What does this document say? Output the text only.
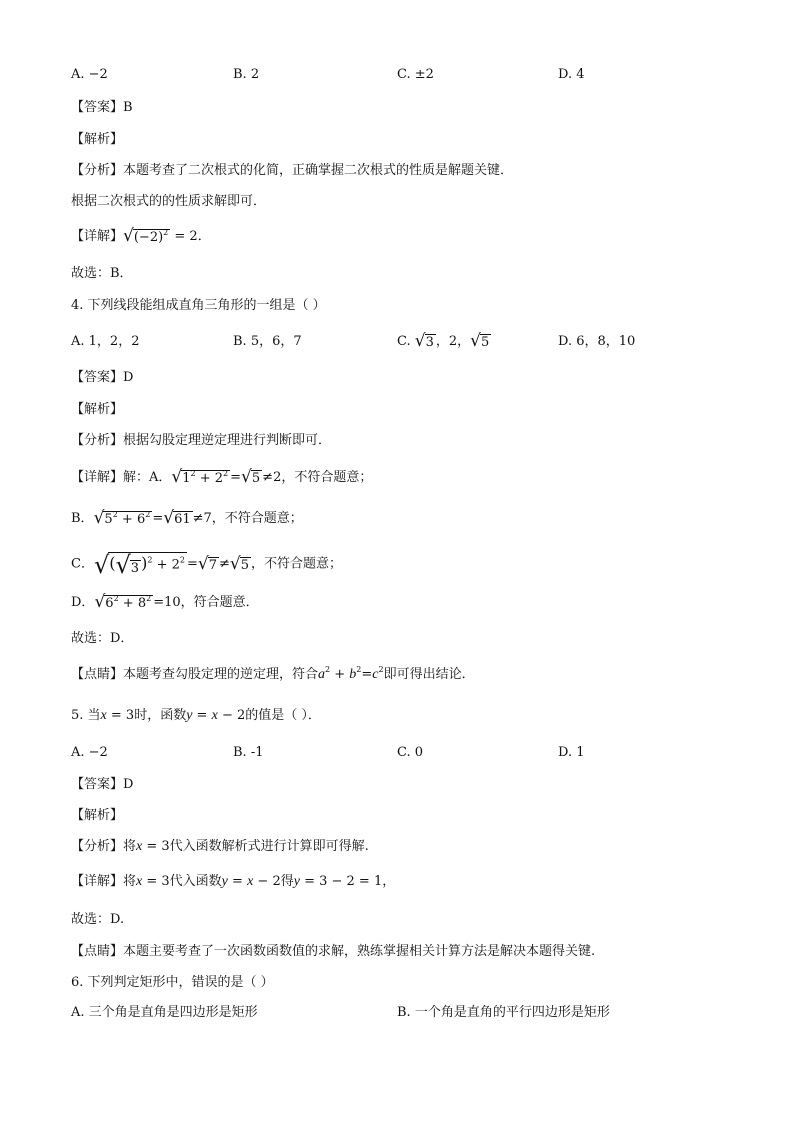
A. −2	B. 2	C. ±2	D. 4
【答案】B
【解析】
【分析】本题考查了二次根式的化简，正确掌握二次根式的性质是解题关键．
根据二次根式的的性质求解即可．
【详解】 √ $(-2)^2 = 2$．
故选：B．
4. 下列线段能组成直角三角形的一组是（ ）
A. 1，2，2	B. 5，6，7	C. √ 3 ，2， √ 5	D. 6，8，10
【答案】D
【解析】
【分析】根据勾股定理逆定理进行判断即可．
【详解】解：A． √ $1^2 + 2^2$ = √ 5 ≠2，不符合题意；
B． √ $5^2 + 6^2$ = √ 61 ≠7，不符合题意；
C． √ ( √ 3 )$^2 + 2^2$ = √ 7 ≠ √ 5 ，不符合题意；
D． √ $6^2 + 8^2 =10$，符合题意．
故选：D．
【点睛】本题考查勾股定理的逆定理，符合$a^2 + b^2=c^2$即可得出结论．
5. 当x = 3时，函数y = x − 2的值是（ ）．
A. −2	B. -1	C. 0	D. 1
【答案】D
【解析】
【分析】将x = 3代入函数解析式进行计算即可得解.
【详解】将x = 3代入函数y = x − 2得y = 3 − 2 = 1，
故选：D.
【点睛】本题主要考查了一次函数函数值的求解，熟练掌握相关计算方法是解决本题得关键.
6. 下列判定矩形中，错误的是（ ）
A. 三个角是直角是四边形是矩形	B. 一个角是直角的平行四边形是矩形
